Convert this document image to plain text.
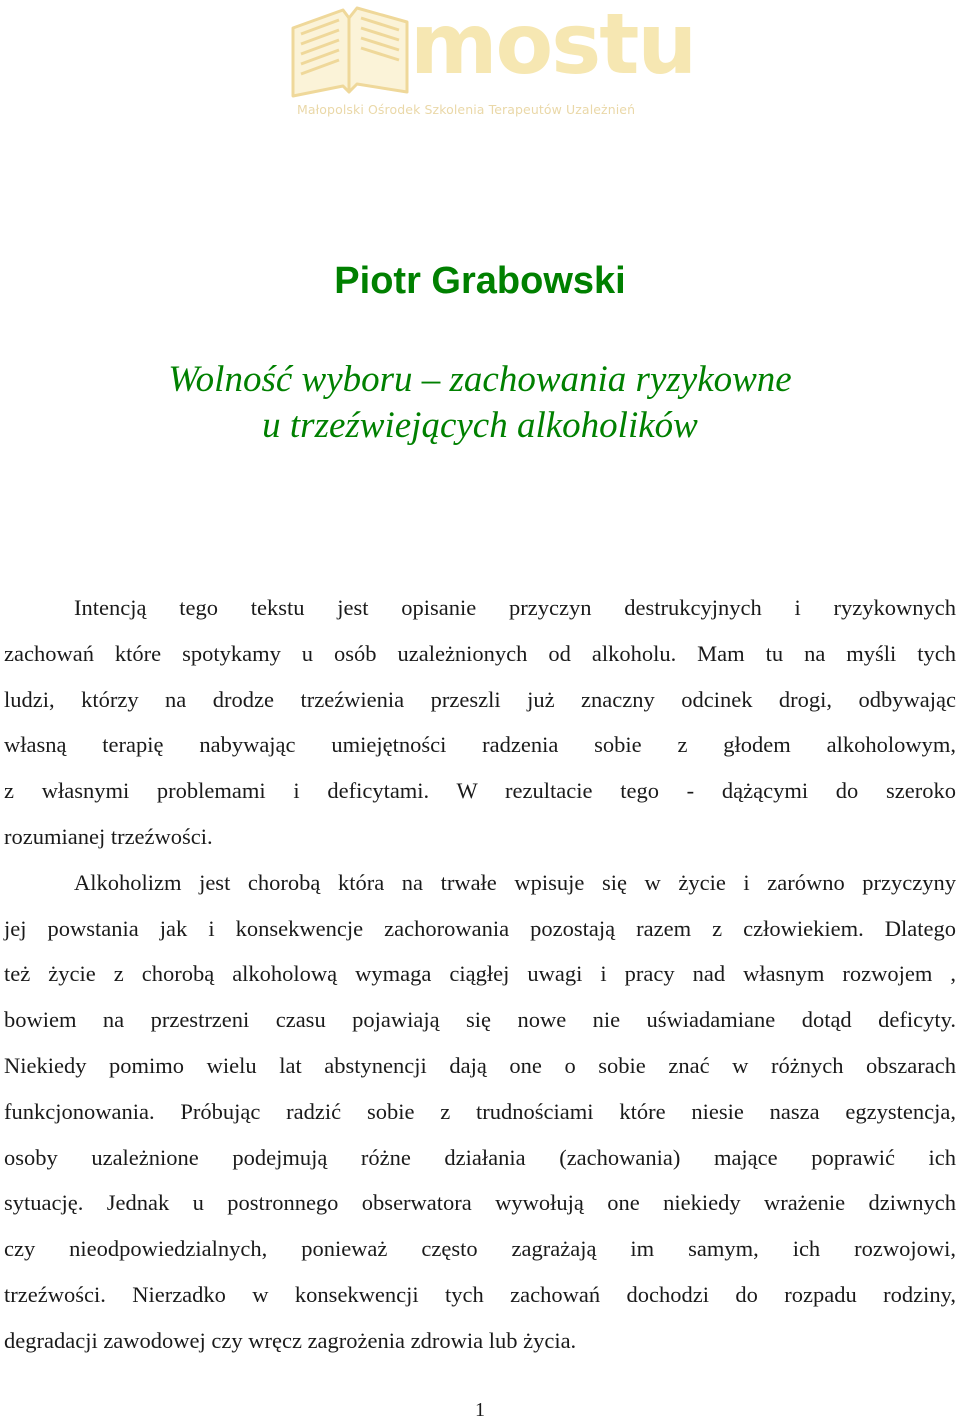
mostu
Małopolski Ośrodek Szkolenia Terapeutów Uzależnień
Piotr Grabowski
Wolność wyboru – zachowania ryzykowne
u trzeźwiejących alkoholików
Intencją tego tekstu jest opisanie przyczyn destrukcyjnych i ryzykownych
zachowań które spotykamy u osób uzależnionych od alkoholu. Mam tu na myśli tych
ludzi, którzy na drodze trzeźwienia przeszli już znaczny odcinek drogi, odbywając
własną terapię nabywając umiejętności radzenia sobie z głodem alkoholowym,
z własnymi problemami i deficytami. W rezultacie tego - dążącymi do szeroko
rozumianej trzeźwości.
Alkoholizm jest chorobą która na trwałe wpisuje się w życie i zarówno przyczyny
jej powstania jak i konsekwencje zachorowania pozostają razem z człowiekiem. Dlatego
też życie z chorobą alkoholową wymaga ciągłej uwagi i pracy nad własnym rozwojem ,
bowiem na przestrzeni czasu pojawiają się nowe nie uświadamiane dotąd deficyty.
Niekiedy pomimo wielu lat abstynencji dają one o sobie znać w różnych obszarach
funkcjonowania. Próbując radzić sobie z trudnościami które niesie nasza egzystencja,
osoby uzależnione podejmują różne działania (zachowania) mające poprawić ich
sytuację. Jednak u postronnego obserwatora wywołują one niekiedy wrażenie dziwnych
czy nieodpowiedzialnych, ponieważ często zagrażają im samym, ich rozwojowi,
trzeźwości. Nierzadko w konsekwencji tych zachowań dochodzi do rozpadu rodziny,
degradacji zawodowej czy wręcz zagrożenia zdrowia lub życia.
1
